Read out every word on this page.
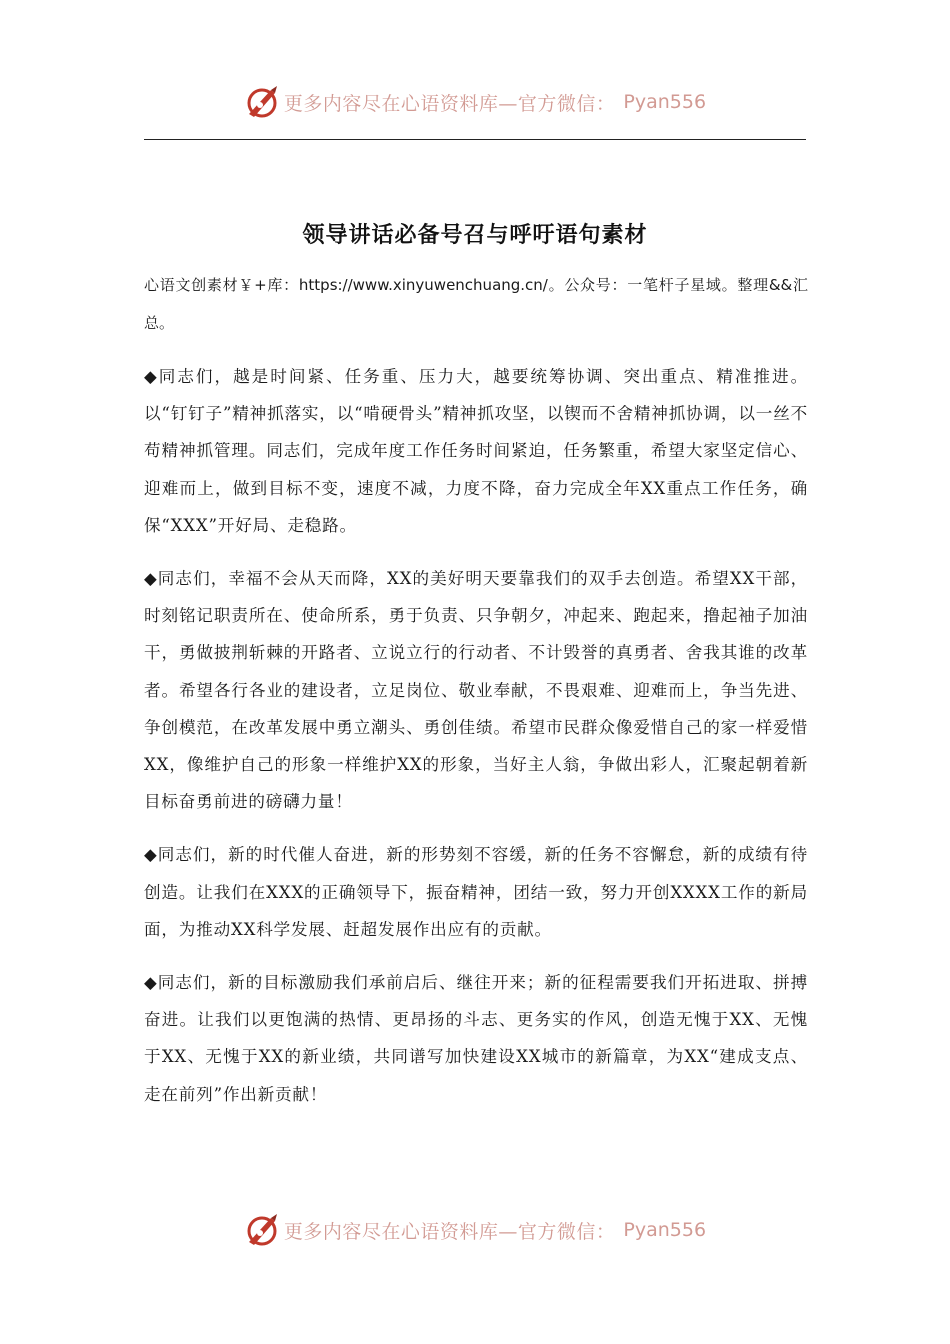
更多内容尽在心语资料库—官方微信： Pyan556
领导讲话必备号召与呼吁语句素材

心语文创素材￥+库：https://www.xinyuwenchuang.cn/。公众号：一笔杆子星域。整理&&汇总。

◆同志们，越是时间紧、任务重、压力大，越要统筹协调、突出重点、精准推进。以“钉钉子”精神抓落实，以“啃硬骨头”精神抓攻坚，以锲而不舍精神抓协调，以一丝不苟精神抓管理。同志们，完成年度工作任务时间紧迫，任务繁重，希望大家坚定信心、迎难而上，做到目标不变，速度不减，力度不降，奋力完成全年XX重点工作任务，确保“XXX”开好局、走稳路。

◆同志们，幸福不会从天而降，XX的美好明天要靠我们的双手去创造。希望XX干部，时刻铭记职责所在、使命所系，勇于负责、只争朝夕，冲起来、跑起来，撸起袖子加油干，勇做披荆斩棘的开路者、立说立行的行动者、不计毁誉的真勇者、舍我其谁的改革者。希望各行各业的建设者，立足岗位、敬业奉献，不畏艰难、迎难而上，争当先进、争创模范，在改革发展中勇立潮头、勇创佳绩。希望市民群众像爱惜自己的家一样爱惜XX，像维护自己的形象一样维护XX的形象，当好主人翁，争做出彩人，汇聚起朝着新目标奋勇前进的磅礴力量！

◆同志们，新的时代催人奋进，新的形势刻不容缓，新的任务不容懈怠，新的成绩有待创造。让我们在XXX的正确领导下，振奋精神，团结一致，努力开创XXXX工作的新局面，为推动XX科学发展、赶超发展作出应有的贡献。

◆同志们，新的目标激励我们承前启后、继往开来；新的征程需要我们开拓进取、拼搏奋进。让我们以更饱满的热情、更昂扬的斗志、更务实的作风，创造无愧于XX、无愧于XX、无愧于XX的新业绩，共同谱写加快建设XX城市的新篇章，为XX“建成支点、走在前列”作出新贡献！

更多内容尽在心语资料库—官方微信： Pyan556
